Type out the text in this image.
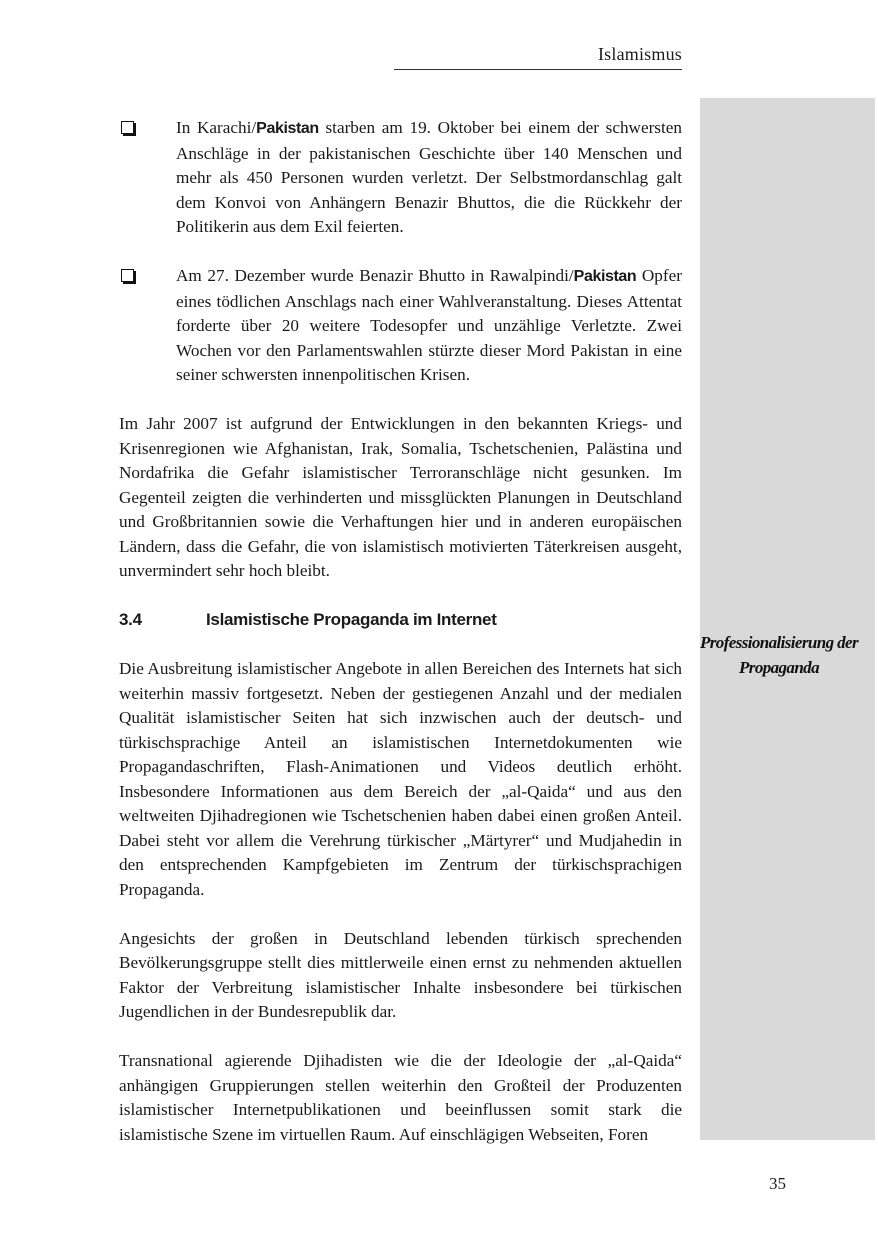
Islamismus
Professionalisierung der Propaganda
In Karachi/Pakistan starben am 19. Oktober bei einem der schwersten Anschläge in der pakistanischen Geschichte über 140 Menschen und mehr als 450 Personen wurden verletzt. Der Selbstmordanschlag galt dem Konvoi von Anhängern Benazir Bhuttos, die die Rückkehr der Politikerin aus dem Exil feierten.
Am 27. Dezember wurde Benazir Bhutto in Rawalpindi/Pakistan Opfer eines tödlichen Anschlags nach einer Wahlveranstaltung. Dieses Attentat forderte über 20 weitere Todesopfer und unzählige Verletzte. Zwei Wochen vor den Parlamentswahlen stürzte dieser Mord Pakistan in eine seiner schwersten innenpolitischen Krisen.

Im Jahr 2007 ist aufgrund der Entwicklungen in den bekannten Kriegs- und Krisenregionen wie Afghanistan, Irak, Somalia, Tschetschenien, Palästina und Nordafrika die Gefahr islamistischer Terroranschläge nicht gesunken. Im Gegenteil zeigten die verhinderten und missglückten Planungen in Deutschland und Großbritannien sowie die Verhaftungen hier und in anderen europäischen Ländern, dass die Gefahr, die von islamistisch motivierten Täterkreisen ausgeht, unvermindert sehr hoch bleibt.

3.4	Islamistische Propaganda im Internet

Die Ausbreitung islamistischer Angebote in allen Bereichen des Internets hat sich weiterhin massiv fortgesetzt. Neben der gestiegenen Anzahl und der medialen Qualität islamistischer Seiten hat sich inzwischen auch der deutsch- und türkischsprachige Anteil an islamistischen Internetdokumenten wie Propagandaschriften, Flash-Animationen und Videos deutlich erhöht. Insbesondere Informationen aus dem Bereich der „al-Qaida“ und aus den weltweiten Djihadregionen wie Tschetschenien haben dabei einen großen Anteil. Dabei steht vor allem die Verehrung türkischer „Märtyrer“ und Mudjahedin in den entsprechenden Kampfgebieten im Zentrum der türkischsprachigen Propaganda.

Angesichts der großen in Deutschland lebenden türkisch sprechenden Bevölkerungsgruppe stellt dies mittlerweile einen ernst zu nehmenden aktuellen Faktor der Verbreitung islamistischer Inhalte insbesondere bei türkischen Jugendlichen in der Bundesrepublik dar.

Transnational agierende Djihadisten wie die der Ideologie der „al-Qaida“ anhängigen Gruppierungen stellen weiterhin den Großteil der Produzenten islamistischer Internetpublikationen und beeinflussen somit stark die islamistische Szene im virtuellen Raum. Auf einschlägigen Webseiten, Foren

35
